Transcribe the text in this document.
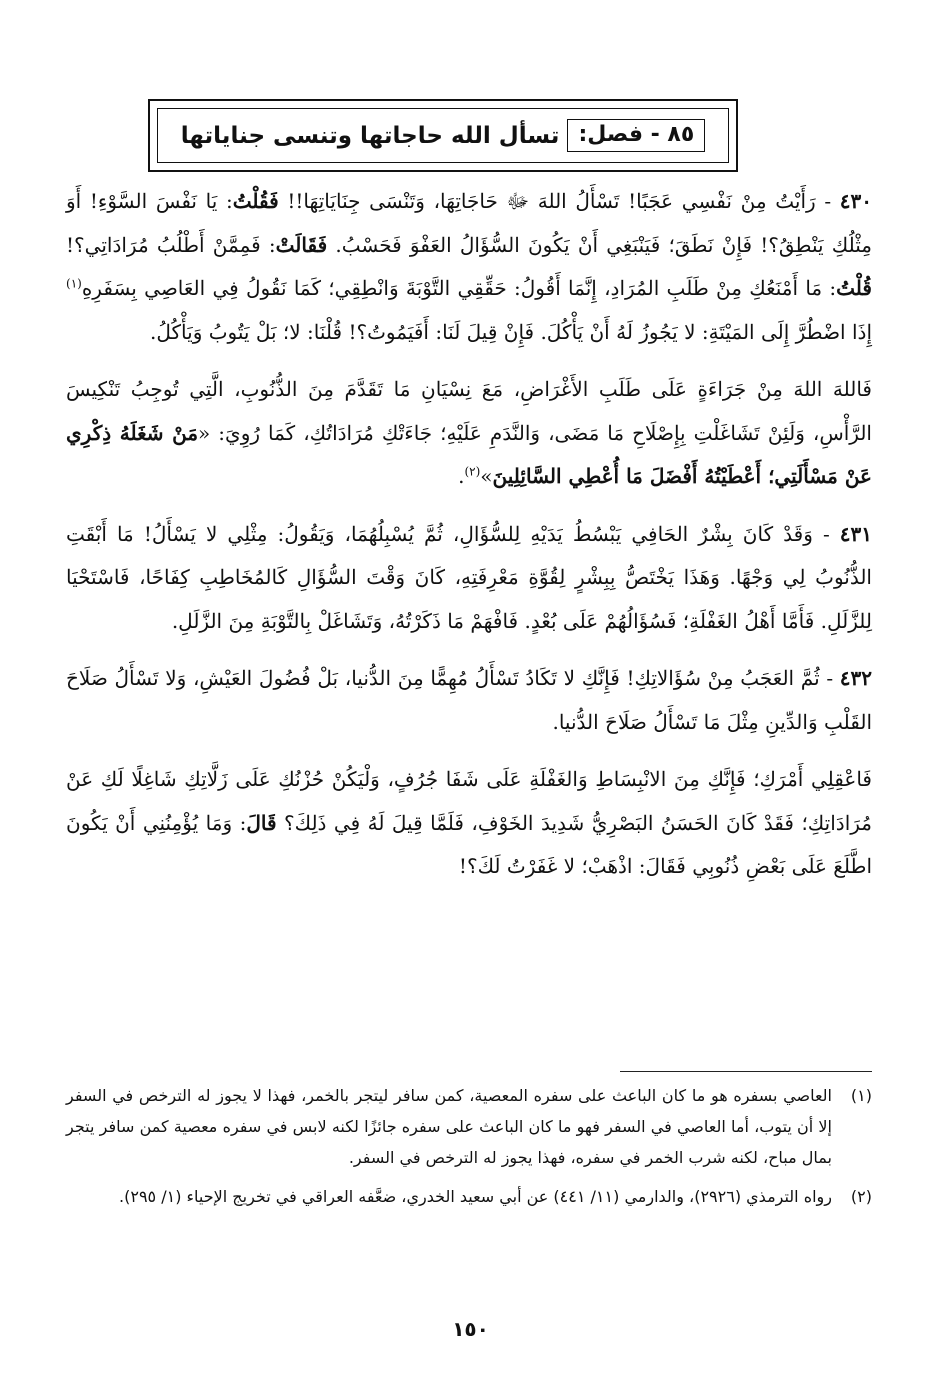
٨٥ - فصل:
تسأل الله حاجاتها وتنسى جناياتها

٤٣٠ - رَأَيْتُ مِنْ نَفْسِي عَجَبًا! تَسْأَلُ اللهَ ﷻ حَاجَاتِهَا، وَتَنْسَى جِنَايَاتِهَا!! فَقُلْتُ: يَا نَفْسَ السَّوْءِ! أَوَ مِثْلُكِ يَنْطِقُ؟! فَإِنْ نَطَقَ؛ فَيَنْبَغِي أَنْ يَكُونَ السُّؤَالُ العَفْوَ فَحَسْبُ. فَقَالَتْ: فَمِمَّنْ أَطْلُبُ مُرَادَاتِي؟! قُلْتُ: مَا أَمْنَعُكِ مِنْ طَلَبِ المُرَادِ، إِنَّمَا أَقُولُ: حَقِّقِي التَّوْبَةَ وَانْطِقِي؛ كَمَا نَقُولُ فِي العَاصِي بِسَفَرِهِ$^{(١)}$ إِذَا اضْطُرَّ إِلَى المَيْتَةِ: لا يَجُوزُ لَهُ أَنْ يَأْكُلَ. فَإِنْ قِيلَ لَنَا: أَفَيَمُوتُ؟! قُلْنَا: لا؛ بَلْ يَتُوبُ وَيَأْكُلُ.

فَاللهَ اللهَ مِنْ جَرَاءَةٍ عَلَى طَلَبِ الأَغْرَاضِ، مَعَ نِسْيَانِ مَا تَقَدَّمَ مِنَ الذُّنُوبِ، الَّتِي تُوجِبُ تَنْكِيسَ الرَّأْسِ، وَلَئِنْ تَشَاغَلْتِ بِإِصْلَاحِ مَا مَضَى، وَالنَّدَمِ عَلَيْهِ؛ جَاءَتْكِ مُرَادَاتُكِ، كَمَا رُوِيَ: «مَنْ شَغَلَهُ ذِكْرِي عَنْ مَسْأَلَتِي؛ أَعْطَيْتُهُ أَفْضَلَ مَا أُعْطِي السَّائِلِينَ»$^{(٢)}$.

٤٣١ - وَقَدْ كَانَ بِشْرٌ الحَافِي يَبْسُطُ يَدَيْهِ لِلسُّؤَالِ، ثُمَّ يُسْبِلُهُمَا، وَيَقُولُ: مِثْلِي لا يَسْأَلُ! مَا أَبْقَتِ الذُّنُوبُ لِي وَجْهًا. وَهَذَا يَخْتَصُّ بِبِشْرٍ لِقُوَّةِ مَعْرِفَتِهِ، كَانَ وَقْتَ السُّؤَالِ كَالمُخَاطِبِ كِفَاحًا، فَاسْتَحْيَا لِلزَّلَلِ. فَأَمَّا أَهْلُ الغَفْلَةِ؛ فَسُؤَالُهُمْ عَلَى بُعْدٍ. فَافْهَمْ مَا ذَكَرْتُهُ، وَتَشَاغَلْ بِالتَّوْبَةِ مِنَ الزَّلَلِ.

٤٣٢ - ثُمَّ العَجَبُ مِنْ سُؤَالاتِكِ! فَإِنَّكِ لا تَكَادُ تَسْأَلُ مُهِمًّا مِنَ الدُّنيا، بَلْ فُضُولَ العَيْشِ، وَلا تَسْأَلُ صَلَاحَ القَلْبِ وَالدِّينِ مِثْلَ مَا تَسْأَلُ صَلَاحَ الدُّنيا.

فَاعْقِلِي أَمْرَكِ؛ فَإِنَّكِ مِنَ الانْبِسَاطِ وَالغَفْلَةِ عَلَى شَفَا جُرُفٍ، وَلْيَكُنْ حُزْنُكِ عَلَى زَلَّاتِكِ شَاغِلًا لَكِ عَنْ مُرَادَاتِكِ؛ فَقَدْ كَانَ الحَسَنُ البَصْرِيُّ شَدِيدَ الخَوْفِ، فَلَمَّا قِيلَ لَهُ فِي ذَلِكَ؟ قَالَ: وَمَا يُؤْمِنُنِي أَنْ يَكُونَ اطَّلَعَ عَلَى بَعْضِ ذُنُوبِي فَقَالَ: اذْهَبْ؛ لا غَفَرْتُ لَكَ؟!

(١)
العاصي بسفره هو ما كان الباعث على سفره المعصية، كمن سافر ليتجر بالخمر، فهذا لا يجوز له الترخص في السفر إلا أن يتوب، أما العاصي في السفر فهو ما كان الباعث على سفره جائزًا لكنه لابس في سفره معصية كمن سافر يتجر بمال مباح، لكنه شرب الخمر في سفره، فهذا يجوز له الترخص في السفر.
(٢)
رواه الترمذي (٢٩٢٦)، والدارمي (١١/ ٤٤١) عن أبي سعيد الخدري، ضعَّفه العراقي في تخريج الإحياء (١/ ٢٩٥).
١٥٠
